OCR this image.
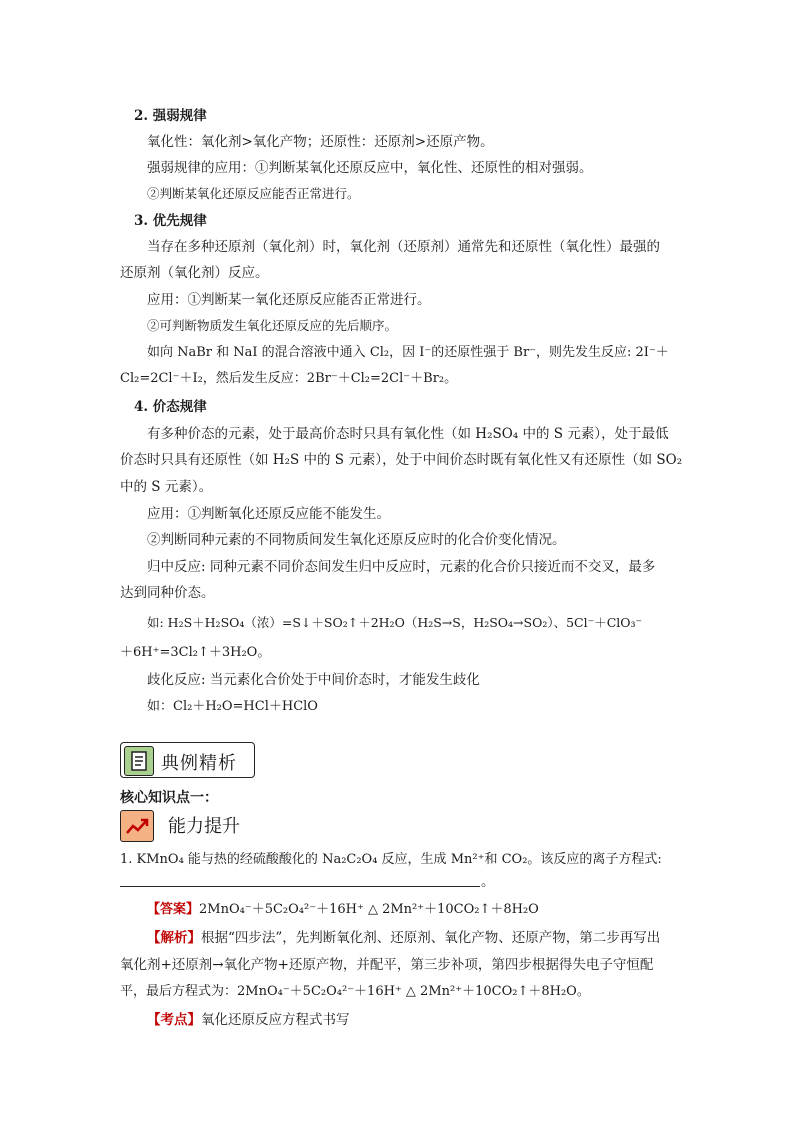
2. 强弱规律
氧化性：氧化剂>氧化产物；还原性：还原剂>还原产物。
强弱规律的应用：①判断某氧化还原反应中，氧化性、还原性的相对强弱。
②判断某氧化还原反应能否正常进行。
3. 优先规律
当存在多种还原剂（氧化剂）时，氧化剂（还原剂）通常先和还原性（氧化性）最强的
还原剂（氧化剂）反应。
应用：①判断某一氧化还原反应能否正常进行。
②可判断物质发生氧化还原反应的先后顺序。
如向 NaBr 和 NaI 的混合溶液中通入 Cl₂，因 I⁻的还原性强于 Br⁻，则先发生反应: 2I⁻＋
Cl₂=2Cl⁻＋I₂，然后发生反应：2Br⁻＋Cl₂=2Cl⁻＋Br₂。
4. 价态规律
有多种价态的元素，处于最高价态时只具有氧化性（如 H₂SO₄ 中的 S 元素），处于最低
价态时只具有还原性（如 H₂S 中的 S 元素），处于中间价态时既有氧化性又有还原性（如 SO₂
中的 S 元素）。
应用：①判断氧化还原反应能不能发生。
②判断同种元素的不同物质间发生氧化还原反应时的化合价变化情况。
归中反应: 同种元素不同价态间发生归中反应时，元素的化合价只接近而不交叉，最多
达到同种价态。
如: H₂S＋H₂SO₄（浓）=S↓＋SO₂↑＋2H₂O（H₂S→S，H₂SO₄→SO₂）、5Cl⁻＋ClO₃⁻
＋6H⁺=3Cl₂↑＋3H₂O。
歧化反应: 当元素化合价处于中间价态时，才能发生歧化
如：Cl₂＋H₂O=HCl＋HClO
典例精析
核心知识点一：
能力提升
1. KMnO₄ 能与热的经硫酸酸化的 Na₂C₂O₄ 反应，生成 Mn²⁺和 CO₂。该反应的离子方程式:
。
【答案】2MnO₄⁻＋5C₂O₄²⁻＋16H⁺ △ 2Mn²⁺＋10CO₂↑＋8H₂O
【解析】根据“四步法”，先判断氧化剂、还原剂、氧化产物、还原产物，第二步再写出
氧化剂+还原剂→氧化产物+还原产物，并配平，第三步补项，第四步根据得失电子守恒配
平，最后方程式为：2MnO₄⁻＋5C₂O₄²⁻＋16H⁺ △ 2Mn²⁺＋10CO₂↑＋8H₂O。
【考点】氧化还原反应方程式书写
